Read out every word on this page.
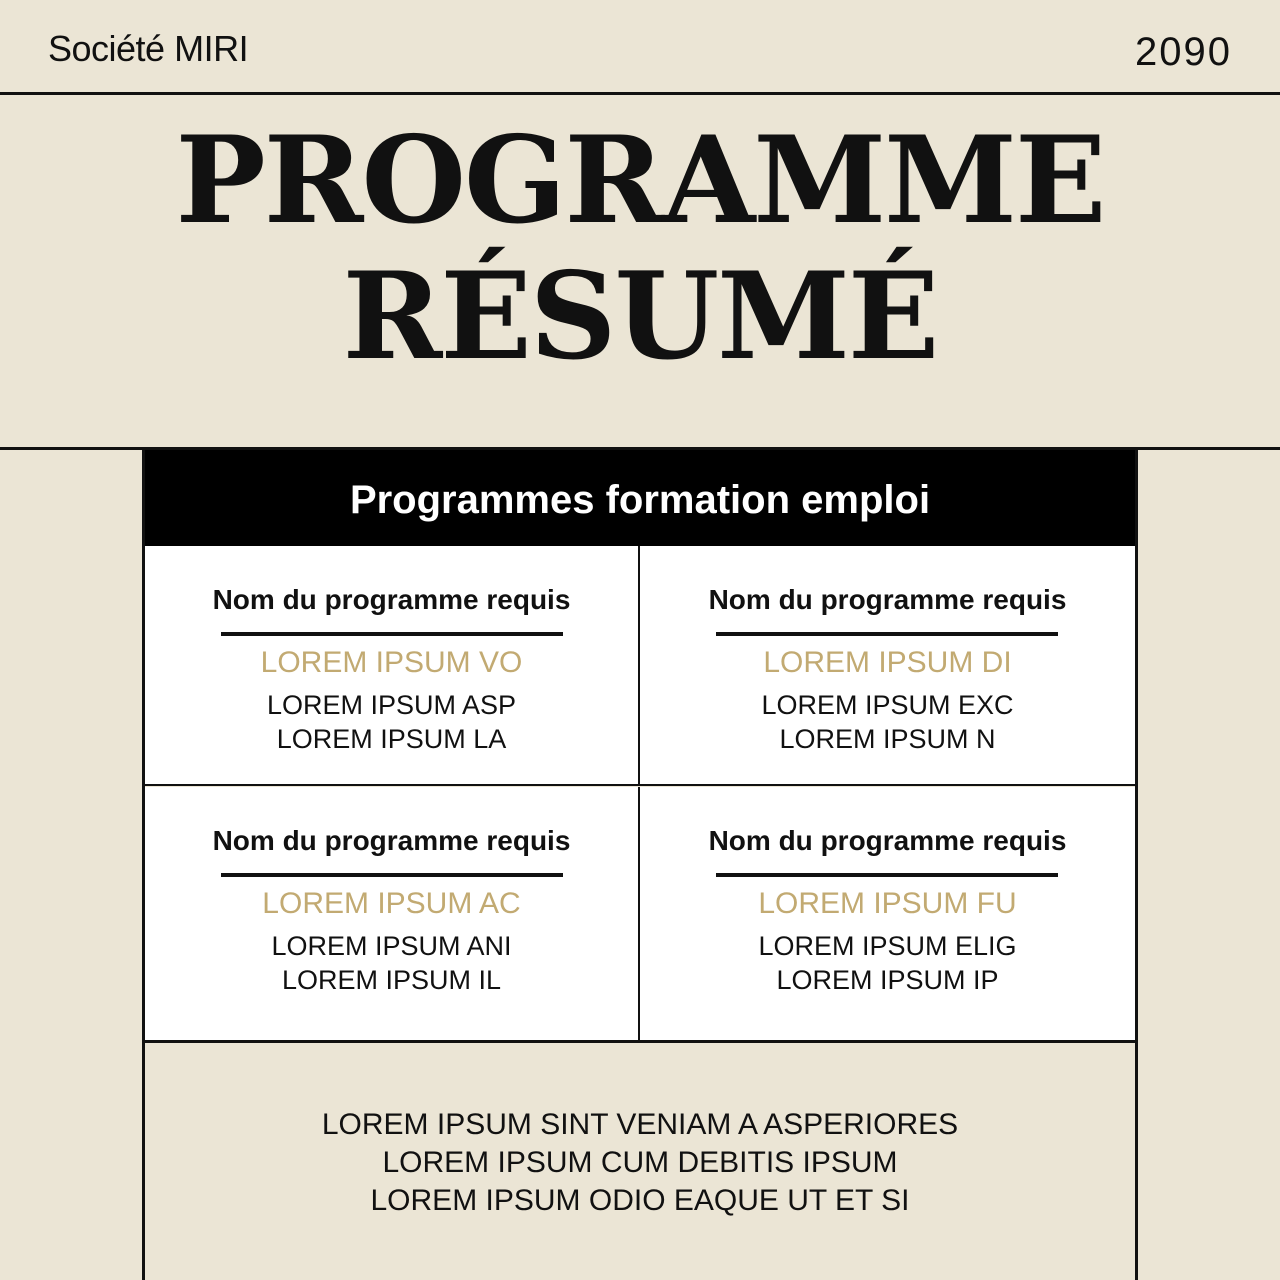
Société MIRI	2090
PROGRAMME
RÉSUMÉ
Programmes formation emploi
Nom du programme requis
LOREM IPSUM VO
LOREM IPSUM ASP
LOREM IPSUM LA
Nom du programme requis
LOREM IPSUM DI
LOREM IPSUM EXC
LOREM IPSUM N
Nom du programme requis
LOREM IPSUM AC
LOREM IPSUM ANI
LOREM IPSUM IL
Nom du programme requis
LOREM IPSUM FU
LOREM IPSUM ELIG
LOREM IPSUM IP
LOREM IPSUM SINT VENIAM A ASPERIORES
LOREM IPSUM CUM DEBITIS IPSUM
LOREM IPSUM ODIO EAQUE UT ET SI
